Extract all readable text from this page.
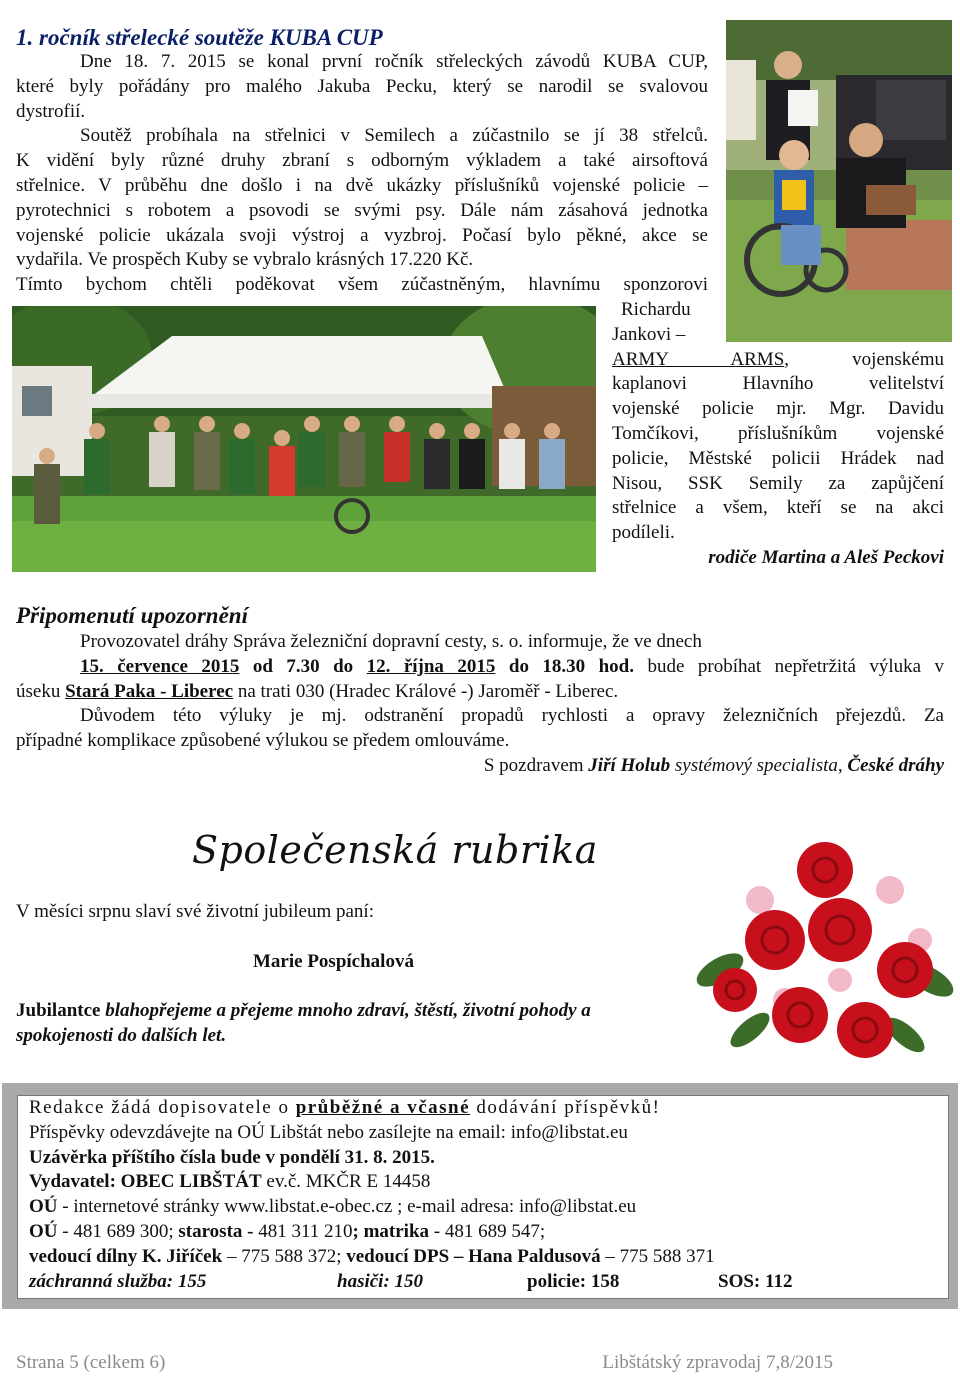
1. ročník střelecké soutěže KUBA CUP
Dne 18. 7. 2015 se konal první ročník střeleckých závodů KUBA CUP,
které byly pořádány pro malého Jakuba Pecku, který se narodil se svalovou
dystrofií.
Soutěž probíhala na střelnici v Semilech a zúčastnilo se jí 38 střelců.
K vidění byly různé druhy zbraní s odborným výkladem a také airsoftová
střelnice. V průběhu dne došlo i na dvě ukázky příslušníků vojenské policie –
pyrotechnici s robotem a psovodi se svými psy. Dále nám zásahová jednotka
vojenské policie ukázala svoji výstroj a vyzbroj. Počasí bylo pěkné, akce se
vydařila. Ve prospěch Kuby se vybralo krásných 17.220 Kč.
Tímto bychom chtěli poděkovat všem zúčastněným, hlavnímu sponzorovi
Richardu
Jankovi –
ARMY ARMS, vojenskému
kaplanovi Hlavního velitelství
vojenské policie mjr. Mgr. Davidu
Tomčíkovi, příslušníkům vojenské
policie, Městské policii Hrádek nad
Nisou, SSK Semily za zapůjčení
střelnice a všem, kteří se na akci
podíleli.
rodiče Martina a Aleš Peckovi
Připomenutí upozornění
Provozovatel dráhy Správa železniční dopravní cesty, s. o. informuje, že ve dnech
15. července 2015 od 7.30 do 12. října 2015 do 18.30 hod. bude probíhat nepřetržitá výluka v
úseku Stará Paka - Liberec na trati 030 (Hradec Králové -) Jaroměř - Liberec.
Důvodem této výluky je mj. odstranění propadů rychlosti a opravy železničních přejezdů. Za
případné komplikace způsobené výlukou se předem omlouváme.
S pozdravem Jiří Holub systémový specialista, České dráhy
Společenská rubrika
V měsíci srpnu slaví své životní jubileum paní:
Marie Pospíchalová
Jubilantce blahopřejeme a přejeme mnoho zdraví, štěstí, životní pohody a
spokojenosti do dalších let.
Redakce žádá dopisovatele o průběžné a včasné dodávání příspěvků!
Příspěvky odevzdávejte na OÚ Libštát nebo zasílejte na email: info@libstat.eu
Uzávěrka příštího čísla bude v pondělí 31. 8. 2015.
Vydavatel: OBEC LIBŠTÁT ev.č. MKČR E 14458
OÚ - internetové stránky www.libstat.e-obec.cz ; e-mail adresa: info@libstat.eu
OÚ - 481 689 300; starosta - 481 311 210; matrika - 481 689 547;
vedoucí dílny K. Jiříček – 775 588 372; vedoucí DPS – Hana Paldusová – 775 588 371
záchranná služba: 155	hasiči: 150	policie: 158	SOS: 112
Strana 5 (celkem 6)	Libštátský zpravodaj 7,8/2015
